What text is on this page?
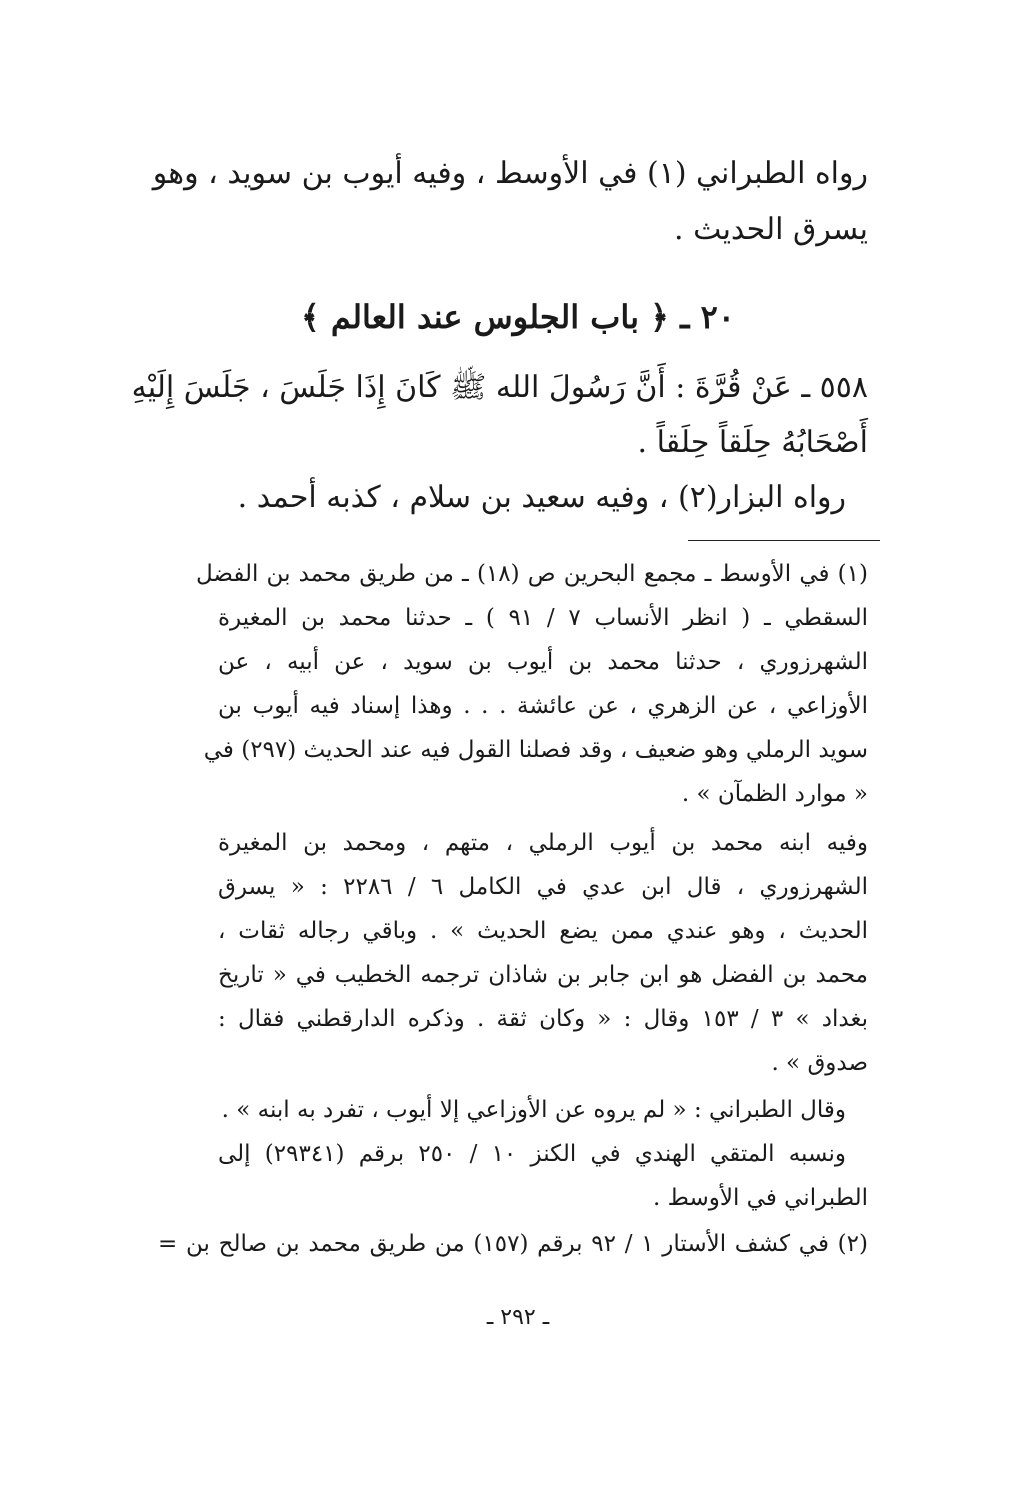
رواه الطبراني (١) في الأوسط ، وفيه أيوب بن سويد ، وهو
يسرق الحديث .
٢٠ ـ ﴿ باب الجلوس عند العالم ﴾
٥٥٨ ـ عَنْ قُرَّةَ : أَنَّ رَسُولَ الله ﷺ كَانَ إِذَا جَلَسَ ، جَلَسَ إِلَيْهِ
أَصْحَابُهُ حِلَقاً حِلَقاً .
رواه البزار(٢) ، وفيه سعيد بن سلام ، كذبه أحمد .
(١) في الأوسط ـ مجمع البحرين ص (١٨) ـ من طريق محمد بن الفضل
السقطي ـ ( انظر الأنساب ٧ / ٩١ ) ـ حدثنا محمد بن المغيرة
الشهرزوري ، حدثنا محمد بن أيوب بن سويد ، عن أبيه ، عن
الأوزاعي ، عن الزهري ، عن عائشة . . . وهذا إسناد فيه أيوب بن
سويد الرملي وهو ضعيف ، وقد فصلنا القول فيه عند الحديث (٢٩٧) في
« موارد الظمآن » .
وفيه ابنه محمد بن أيوب الرملي ، متهم ، ومحمد بن المغيرة
الشهرزوري ، قال ابن عدي في الكامل ٦ / ٢٢٨٦ : « يسرق
الحديث ، وهو عندي ممن يضع الحديث » . وباقي رجاله ثقات ،
محمد بن الفضل هو ابن جابر بن شاذان ترجمه الخطيب في « تاريخ
بغداد » ٣ / ١٥٣ وقال : « وكان ثقة . وذكره الدارقطني فقال :
صدوق » .
وقال الطبراني : « لم يروه عن الأوزاعي إلا أيوب ، تفرد به ابنه » .
ونسبه المتقي الهندي في الكنز ١٠ / ٢٥٠ برقم (٢٩٣٤١) إلى
الطبراني في الأوسط .
(٢) في كشف الأستار ١ / ٩٢ برقم (١٥٧) من طريق محمد بن صالح بن =
ـ ٢٩٢ ـ
